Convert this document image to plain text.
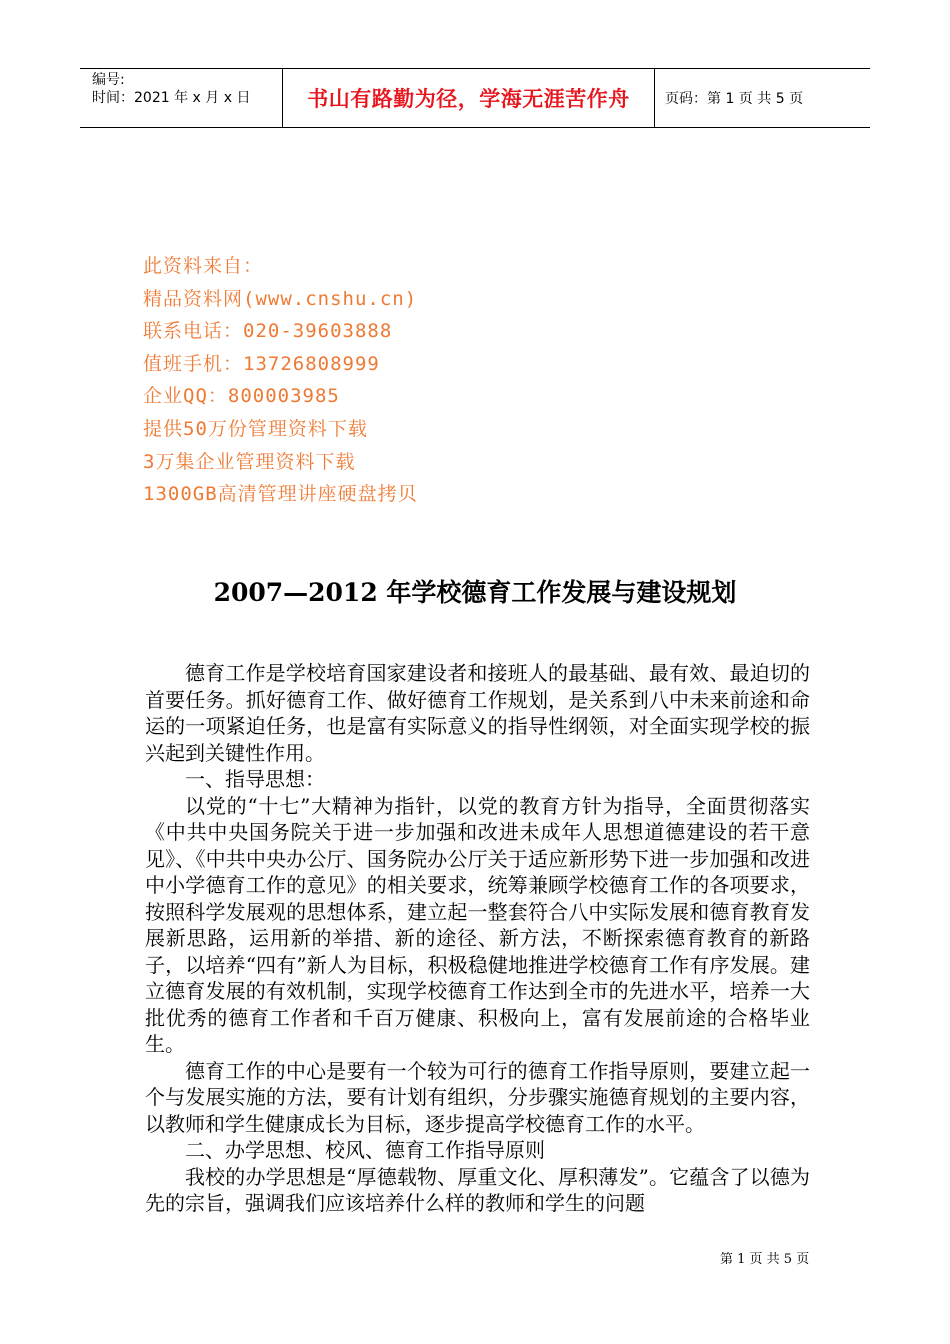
编号:
时间：2021 年 x 月 x 日	书山有路勤为径，学海无涯苦作舟	页码：第 1 页 共 5 页
此资料来自：
精品资料网(www.cnshu.cn)
联系电话：020-39603888
值班手机：13726808999
企业QQ：800003985
提供50万份管理资料下载
3万集企业管理资料下载
1300GB高清管理讲座硬盘拷贝
2007—2012 年学校德育工作发展与建设规划

德育工作是学校培育国家建设者和接班人的最基础、最有效、最迫切的首要任务。抓好德育工作、做好德育工作规划，是关系到八中未来前途和命运的一项紧迫任务，也是富有实际意义的指导性纲领，对全面实现学校的振兴起到关键性作用。

一、指导思想：

以党的“十七”大精神为指针，以党的教育方针为指导，全面贯彻落实《中共中央国务院关于进一步加强和改进未成年人思想道德建设的若干意见》、《中共中央办公厅、国务院办公厅关于适应新形势下进一步加强和改进中小学德育工作的意见》的相关要求，统筹兼顾学校德育工作的各项要求，按照科学发展观的思想体系，建立起一整套符合八中实际发展和德育教育发展新思路，运用新的举措、新的途径、新方法，不断探索德育教育的新路子，以培养“四有”新人为目标，积极稳健地推进学校德育工作有序发展。建立德育发展的有效机制，实现学校德育工作达到全市的先进水平，培养一大批优秀的德育工作者和千百万健康、积极向上，富有发展前途的合格毕业生。

德育工作的中心是要有一个较为可行的德育工作指导原则，要建立起一个与发展实施的方法，要有计划有组织，分步骤实施德育规划的主要内容，以教师和学生健康成长为目标，逐步提高学校德育工作的水平。

二、办学思想、校风、德育工作指导原则

我校的办学思想是“厚德载物、厚重文化、厚积薄发”。它蕴含了以德为先的宗旨，强调我们应该培养什么样的教师和学生的问题

第 1 页 共 5 页
